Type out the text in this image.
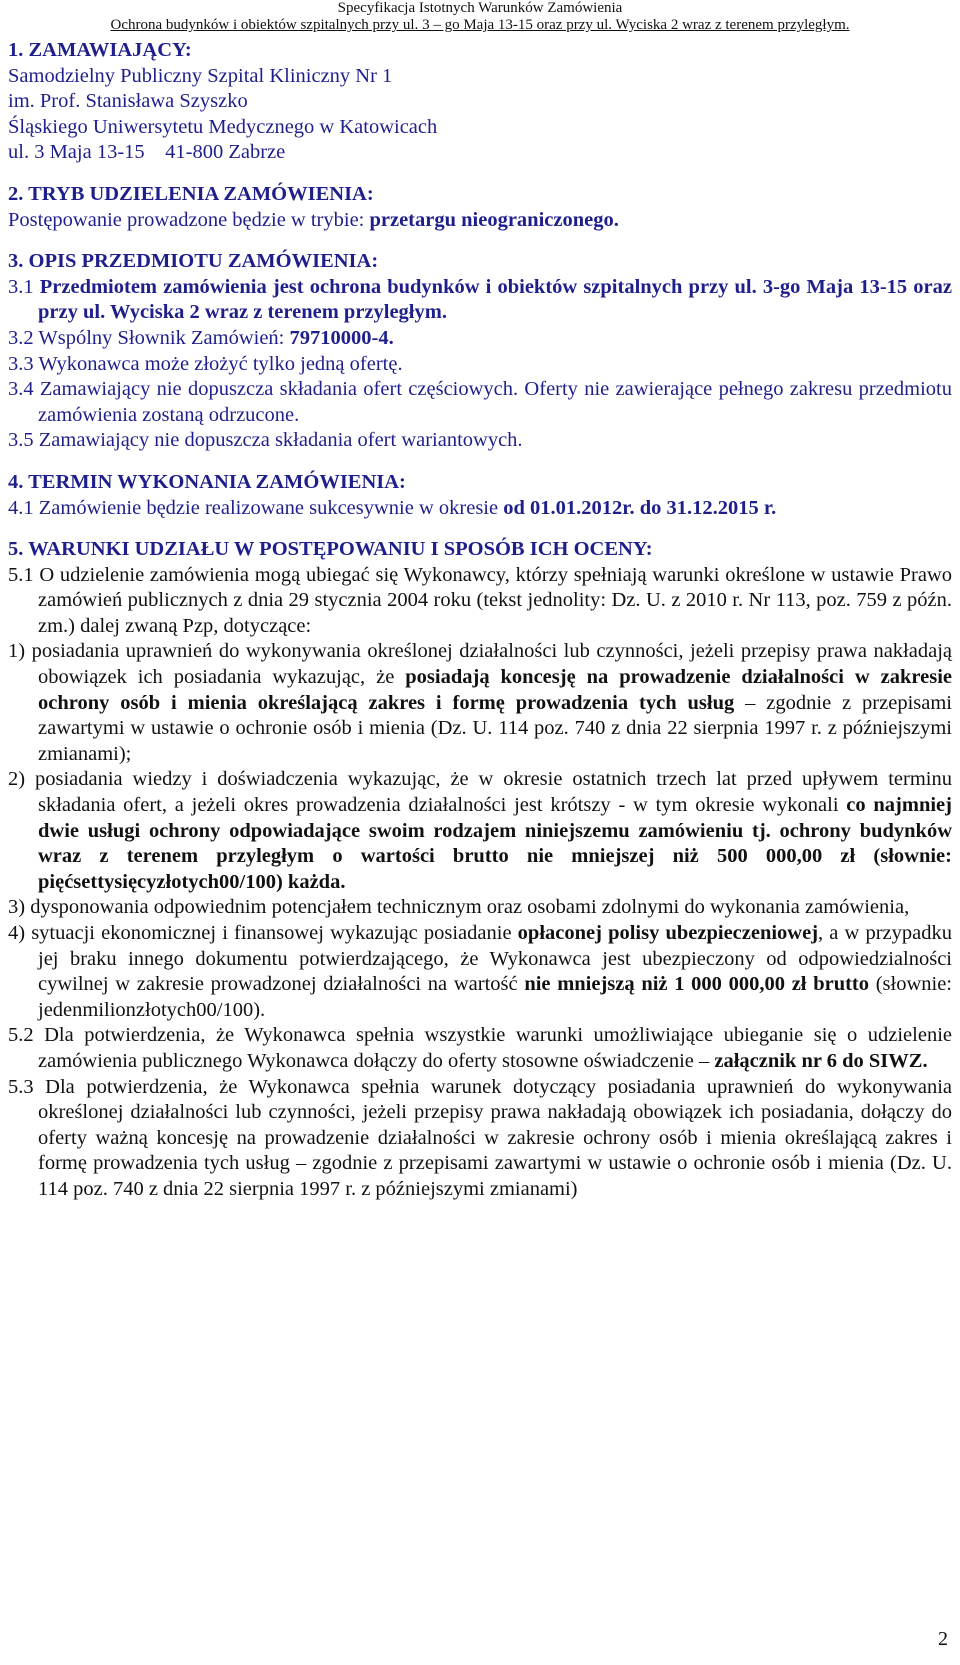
Specyfikacja Istotnych Warunków Zamówienia
Ochrona budynków i obiektów szpitalnych przy ul. 3 – go Maja 13-15 oraz przy ul. Wyciska 2 wraz z terenem przyległym.

1. ZAMAWIAJĄCY:

Samodzielny Publiczny Szpital Kliniczny Nr 1

im. Prof. Stanisława Szyszko

Śląskiego Uniwersytetu Medycznego w Katowicach

ul. 3 Maja 13-15    41-800 Zabrze

2. TRYB UDZIELENIA ZAMÓWIENIA:

Postępowanie prowadzone będzie w trybie: przetargu nieograniczonego.

3. OPIS PRZEDMIOTU ZAMÓWIENIA:

3.1 Przedmiotem zamówienia jest ochrona budynków i obiektów szpitalnych przy ul. 3-go Maja 13-15 oraz przy ul. Wyciska 2 wraz z terenem przyległym.

3.2 Wspólny Słownik Zamówień: 79710000-4.

3.3 Wykonawca może złożyć tylko jedną ofertę.

3.4 Zamawiający nie dopuszcza składania ofert częściowych. Oferty nie zawierające pełnego zakresu przedmiotu zamówienia zostaną odrzucone.

3.5 Zamawiający nie dopuszcza składania ofert wariantowych.

4. TERMIN WYKONANIA ZAMÓWIENIA:

4.1 Zamówienie będzie realizowane sukcesywnie w okresie od 01.01.2012r. do 31.12.2015 r.

5. WARUNKI UDZIAŁU W POSTĘPOWANIU I SPOSÓB ICH OCENY:

5.1 O udzielenie zamówienia mogą ubiegać się Wykonawcy, którzy spełniają warunki określone w ustawie Prawo zamówień publicznych z dnia 29 stycznia 2004 roku (tekst jednolity: Dz. U. z 2010 r. Nr 113, poz. 759 z późn. zm.) dalej zwaną Pzp, dotyczące:

1) posiadania uprawnień do wykonywania określonej działalności lub czynności, jeżeli przepisy prawa nakładają obowiązek ich posiadania wykazując, że posiadają koncesję na prowadzenie działalności w zakresie ochrony osób i mienia określającą zakres i formę prowadzenia tych usług – zgodnie z przepisami zawartymi w ustawie o ochronie osób i mienia (Dz. U. 114 poz. 740 z dnia 22 sierpnia 1997 r. z późniejszymi zmianami);

2) posiadania wiedzy i doświadczenia wykazując, że w okresie ostatnich trzech lat przed upływem terminu składania ofert, a jeżeli okres prowadzenia działalności jest krótszy - w tym okresie wykonali co najmniej dwie usługi ochrony odpowiadające swoim rodzajem niniejszemu zamówieniu tj. ochrony budynków wraz z terenem przyległym o wartości brutto nie mniejszej niż 500 000,00 zł (słownie: pięćsettysięcyzłotych00/100) każda.

3) dysponowania odpowiednim potencjałem technicznym oraz osobami zdolnymi do wykonania zamówienia,

4) sytuacji ekonomicznej i finansowej wykazując posiadanie opłaconej polisy ubezpieczeniowej, a w przypadku jej braku innego dokumentu potwierdzającego, że Wykonawca jest ubezpieczony od odpowiedzialności cywilnej w zakresie prowadzonej działalności na wartość nie mniejszą niż 1 000 000,00 zł brutto (słownie: jedenmilionzłotych00/100).

5.2 Dla potwierdzenia, że Wykonawca spełnia wszystkie warunki umożliwiające ubieganie się o udzielenie zamówienia publicznego Wykonawca dołączy do oferty stosowne oświadczenie – załącznik nr 6 do SIWZ.

5.3 Dla potwierdzenia, że Wykonawca spełnia warunek dotyczący posiadania uprawnień do wykonywania określonej działalności lub czynności, jeżeli przepisy prawa nakładają obowiązek ich posiadania, dołączy do oferty ważną koncesję na prowadzenie działalności w zakresie ochrony osób i mienia określającą zakres i formę prowadzenia tych usług – zgodnie z przepisami zawartymi w ustawie o ochronie osób i mienia (Dz. U. 114 poz. 740 z dnia 22 sierpnia 1997 r. z późniejszymi zmianami)

2
